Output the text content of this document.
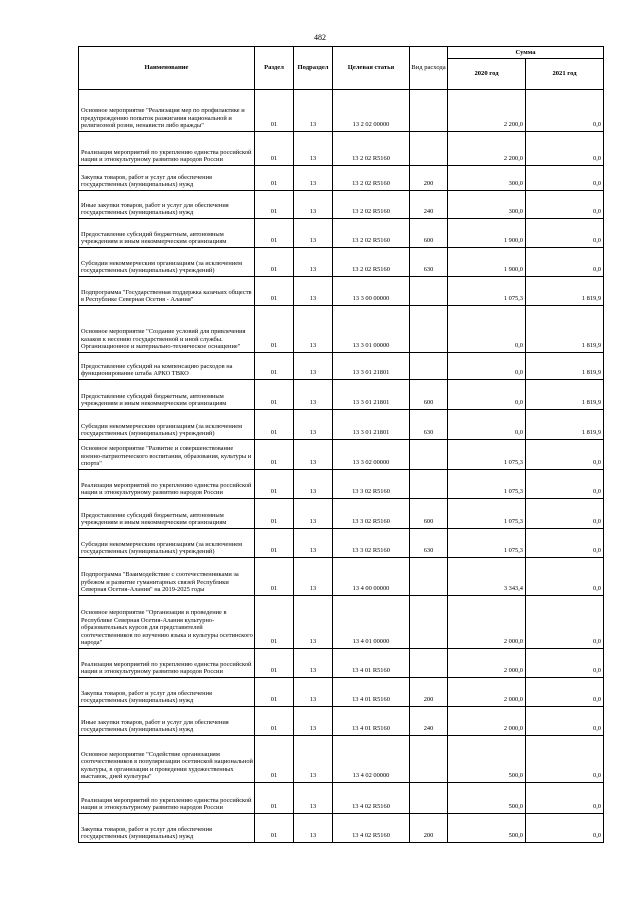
482
Наименование	Раздел	Подраздел	Целевая статья	Вид расхода	Сумма	
					2020 год	2021 год
Основное мероприятие "Реализация мер по профилактике и предупреждению попыток разжигания национальной и религиозной розни, ненависти либо вражды"	01	13	13 2 02 00000		2 200,0	0,0
Реализация мероприятий по укреплению единства российской нации и этнокультурному развитию народов России	01	13	13 2 02 R5160		2 200,0	0,0
Закупка товаров, работ и услуг для обеспечения государственных (муниципальных) нужд	01	13	13 2 02 R5160	200	300,0	0,0
Иные закупки товаров, работ и услуг для обеспечения государственных (муниципальных) нужд	01	13	13 2 02 R5160	240	300,0	0,0
Предоставление субсидий бюджетным, автономным учреждениям и иным некоммерческим организациям	01	13	13 2 02 R5160	600	1 900,0	0,0
Субсидии некоммерческим организациям (за исключением государственных (муниципальных) учреждений)	01	13	13 2 02 R5160	630	1 900,0	0,0
Подпрограмма "Государственная поддержка казачьих обществ в Республике Северная Осетия - Алания"	01	13	13 3 00 00000		1 075,3	1 819,9
Основное мероприятие "Создание условий для привлечения казаков к несению государственной и иной службы. Организационное и материально-техническое оснащение"	01	13	13 3 01 00000		0,0	1 819,9
Предоставление субсидий на компенсацию расходов на функционирование штаба АРКО ТВКО	01	13	13 3 01 21801		0,0	1 819,9
Предоставление субсидий бюджетным, автономным учреждениям и иным некоммерческим организациям	01	13	13 3 01 21801	600	0,0	1 819,9
Субсидии некоммерческим организациям (за исключением государственных (муниципальных) учреждений)	01	13	13 3 01 21801	630	0,0	1 819,9
Основное мероприятие "Развитие и совершенствование военно-патриотического воспитания, образования, культуры и спорта"	01	13	13 3 02 00000		1 075,3	0,0
Реализация мероприятий по укреплению единства российской нации и этнокультурному развитию народов России	01	13	13 3 02 R5160		1 075,3	0,0
Предоставление субсидий бюджетным, автономным учреждениям и иным некоммерческим организациям	01	13	13 3 02 R5160	600	1 075,3	0,0
Субсидии некоммерческим организациям (за исключением государственных (муниципальных) учреждений)	01	13	13 3 02 R5160	630	1 075,3	0,0
Подпрограмма "Взаимодействие с соотечественниками за рубежом и развитие гуманитарных связей Республики Северная Осетия-Алания" на 2019-2025 годы	01	13	13 4 00 00000		3 343,4	0,0
Основное мероприятие "Организация и проведение в Республике Северная Осетия-Алания культурно-образовательных курсов для представителей соотечественников по изучению языка и культуры осетинского народа"	01	13	13 4 01 00000		2 000,0	0,0
Реализация мероприятий по укреплению единства российской нации и этнокультурному развитию народов России	01	13	13 4 01 R5160		2 000,0	0,0
Закупка товаров, работ и услуг для обеспечения государственных (муниципальных) нужд	01	13	13 4 01 R5160	200	2 000,0	0,0
Иные закупки товаров, работ и услуг для обеспечения государственных (муниципальных) нужд	01	13	13 4 01 R5160	240	2 000,0	0,0
Основное мероприятие "Содействие организациям соотечественников в популяризации осетинской национальной культуры, в организации и проведении художественных выставок, дней культуры"	01	13	13 4 02 00000		500,0	0,0
Реализация мероприятий по укреплению единства российской нации и этнокультурному развитию народов России	01	13	13 4 02 R5160		500,0	0,0
Закупка товаров, работ и услуг для обеспечения государственных (муниципальных) нужд	01	13	13 4 02 R5160	200	500,0	0,0
